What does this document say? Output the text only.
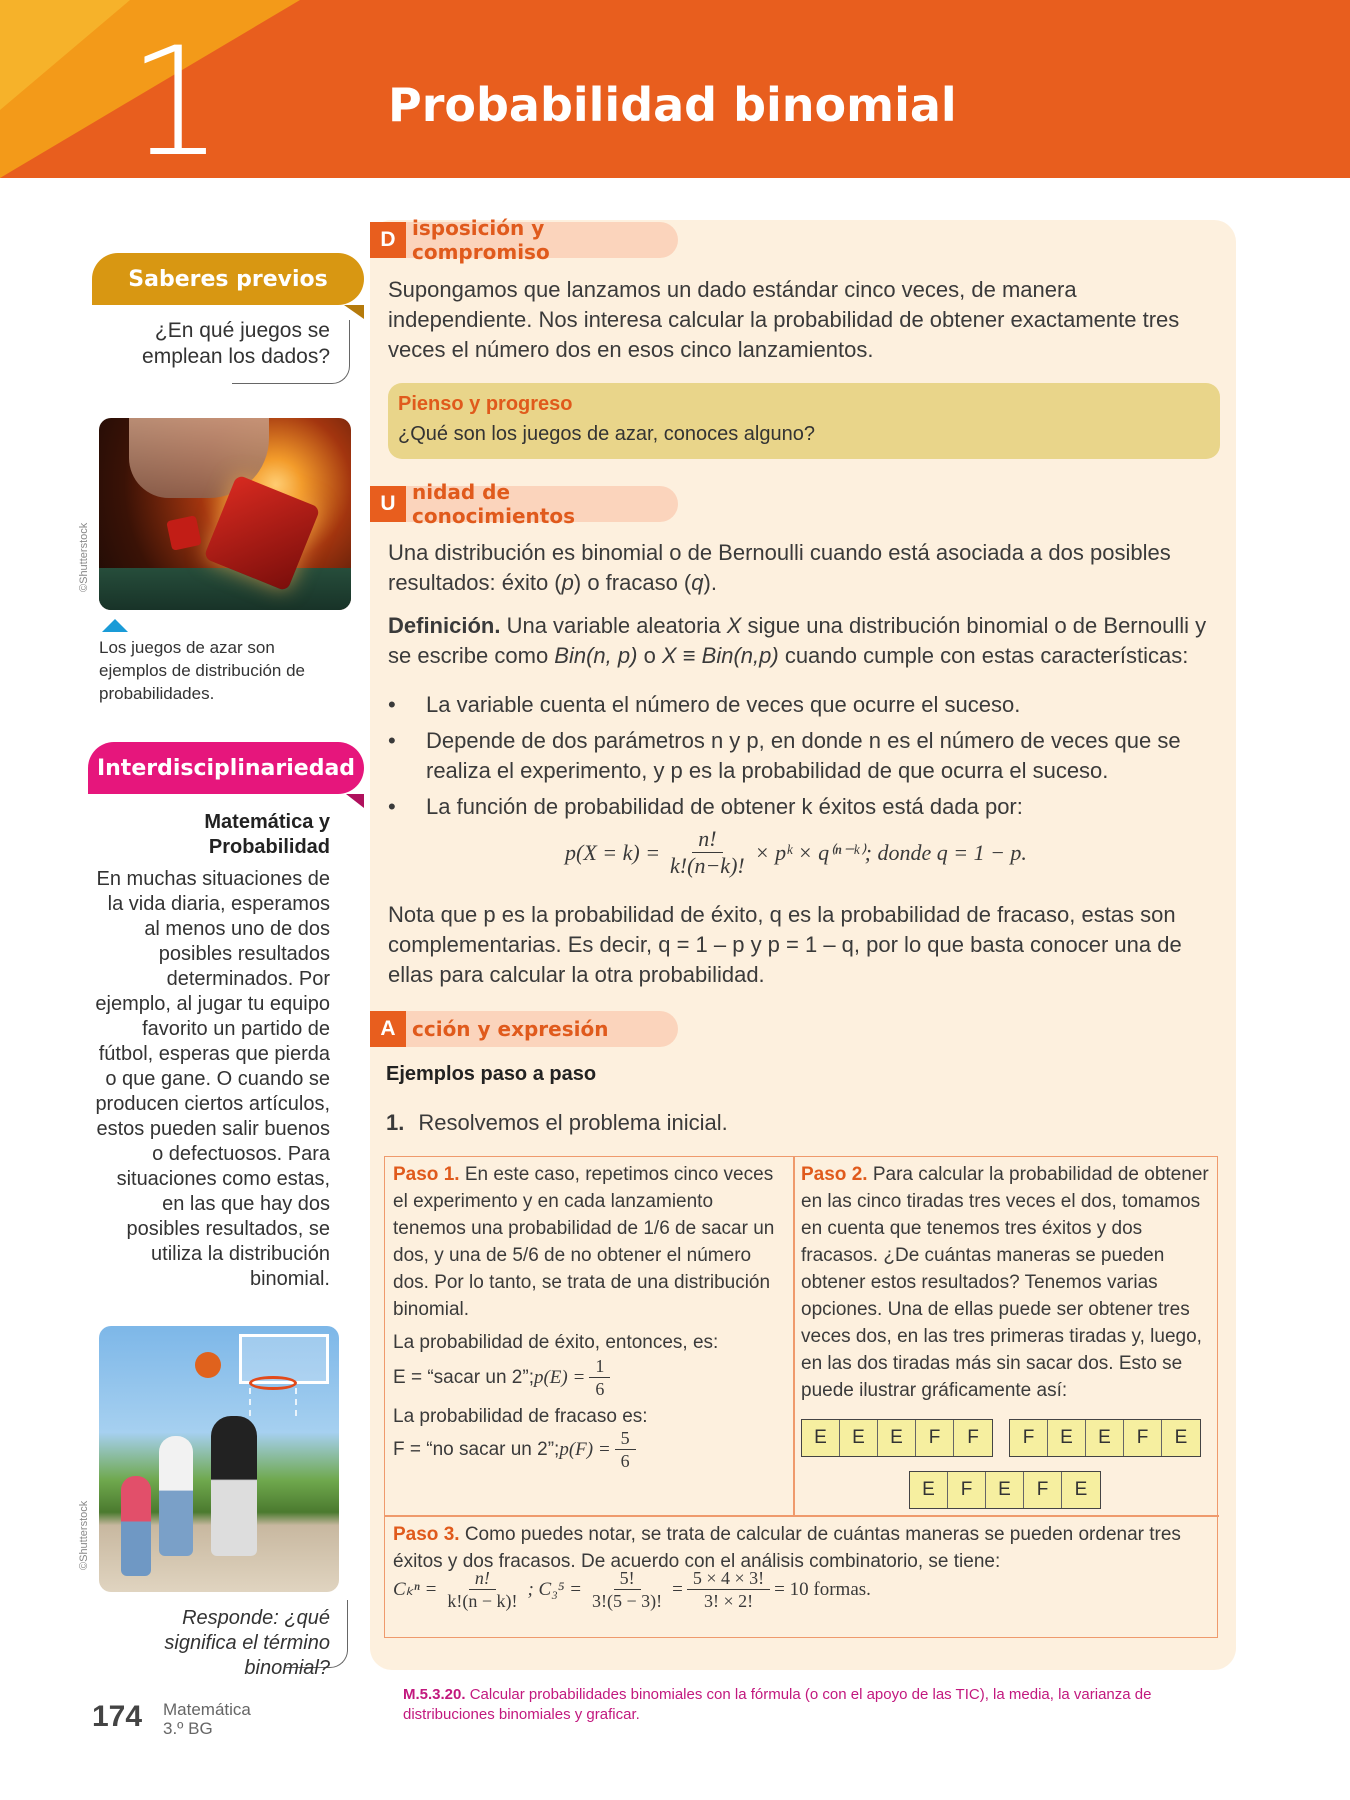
1	Probabilidad binomial
Saberes previos
¿En qué juegos se emplean los dados?
©Shutterstock
Los juegos de azar son ejemplos de distribución de probabilidades.
Interdisciplinariedad
Matemática y Probabilidad
En muchas situaciones de la vida diaria, esperamos al menos uno de dos posibles resultados determinados. Por ejemplo, al jugar tu equipo favorito un partido de fútbol, esperas que pierda o que gane. O cuando se producen ciertos artículos, estos pueden salir buenos o defectuosos. Para situaciones como estas, en las que hay dos posibles resultados, se utiliza la distribución binomial.
©Shutterstock
Responde: ¿qué significa el término binomial?
D isposición y compromiso
Supongamos que lanzamos un dado estándar cinco veces, de manera independiente. Nos interesa calcular la probabilidad de obtener exactamente tres veces el número dos en esos cinco lanzamientos.
Pienso y progreso
¿Qué son los juegos de azar, conoces alguno?
U nidad de conocimientos
Una distribución es binomial o de Bernoulli cuando está asociada a dos posibles resultados: éxito (p) o fracaso (q).
Definición. Una variable aleatoria X sigue una distribución binomial o de Bernoulli y se escribe como Bin(n, p) o X ≡ Bin(n,p) cuando cumple con estas características:
• La variable cuenta el número de veces que ocurre el suceso.
• Depende de dos parámetros n y p, en donde n es el número de veces que se realiza el experimento, y p es la probabilidad de que ocurra el suceso.
• La función de probabilidad de obtener k éxitos está dada por:
$p(X = k) = \frac{n!}{k!(n-k)!}$ × pᵏ × q⁽ⁿ⁻ᵏ⁾; donde q = 1 − p.
Nota que p es la probabilidad de éxito, q es la probabilidad de fracaso, estas son complementarias. Es decir, q = 1 – p y p = 1 – q, por lo que basta conocer una de ellas para calcular la otra probabilidad.
A cción y expresión
Ejemplos paso a paso
1. Resolvemos el problema inicial.
Paso 1. En este caso, repetimos cinco veces el experimento y en cada lanzamiento tenemos una probabilidad de 1/6 de sacar un dos, y una de 5/6 de no obtener el número dos. Por lo tanto, se trata de una distribución binomial.
La probabilidad de éxito, entonces, es:
E = “sacar un 2”; $p(E) = \frac{1}{6}$
La probabilidad de fracaso es:
F = “no sacar un 2”; $p(F) = \frac{5}{6}$
Paso 2. Para calcular la probabilidad de obtener en las cinco tiradas tres veces el dos, tomamos en cuenta que tenemos tres éxitos y dos fracasos. ¿De cuántas maneras se pueden obtener estos resultados? Tenemos varias opciones. Una de ellas puede ser obtener tres veces dos, en las tres primeras tiradas y, luego, en las dos tiradas más sin sacar dos. Esto se puede ilustrar gráficamente así:
E	E	E	F	F	F	E	E	F	E
E	F	E	F	E
Paso 3. Como puedes notar, se trata de calcular de cuántas maneras se pueden ordenar tres éxitos y dos fracasos. De acuerdo con el análisis combinatorio, se tiene:
$C_k^n = \frac{n!}{k!(n - k)!}$ ; $C_3^5 = \frac{5!}{3!(5 - 3)!} = \frac{5 \times 4 \times 3!}{3! \times 2!} = 10$ formas.
174 Matemática
3.º BG
M.5.3.20. Calcular probabilidades binomiales con la fórmula (o con el apoyo de las TIC), la media, la varianza de distribuciones binomiales y graficar.
